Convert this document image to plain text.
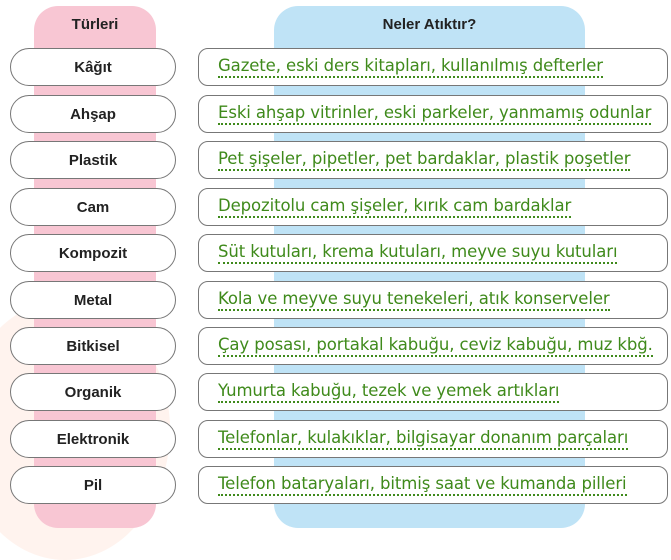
Türleri	Neler Atıktır?
Kâğıt	Gazete, eski ders kitapları, kullanılmış defterler
Ahşap	Eski ahşap vitrinler, eski parkeler, yanmamış odunlar
Plastik	Pet şişeler, pipetler, pet bardaklar, plastik poşetler
Cam	Depozitolu cam şişeler, kırık cam bardaklar
Kompozit	Süt kutuları, krema kutuları, meyve suyu kutuları
Metal	Kola ve meyve suyu tenekeleri, atık konserveler
Bitkisel	Çay posası, portakal kabuğu, ceviz kabuğu, muz kbğ.
Organik	Yumurta kabuğu, tezek ve yemek artıkları
Elektronik	Telefonlar, kulakıklar, bilgisayar donanım parçaları
Pil	Telefon bataryaları, bitmiş saat ve kumanda pilleri
